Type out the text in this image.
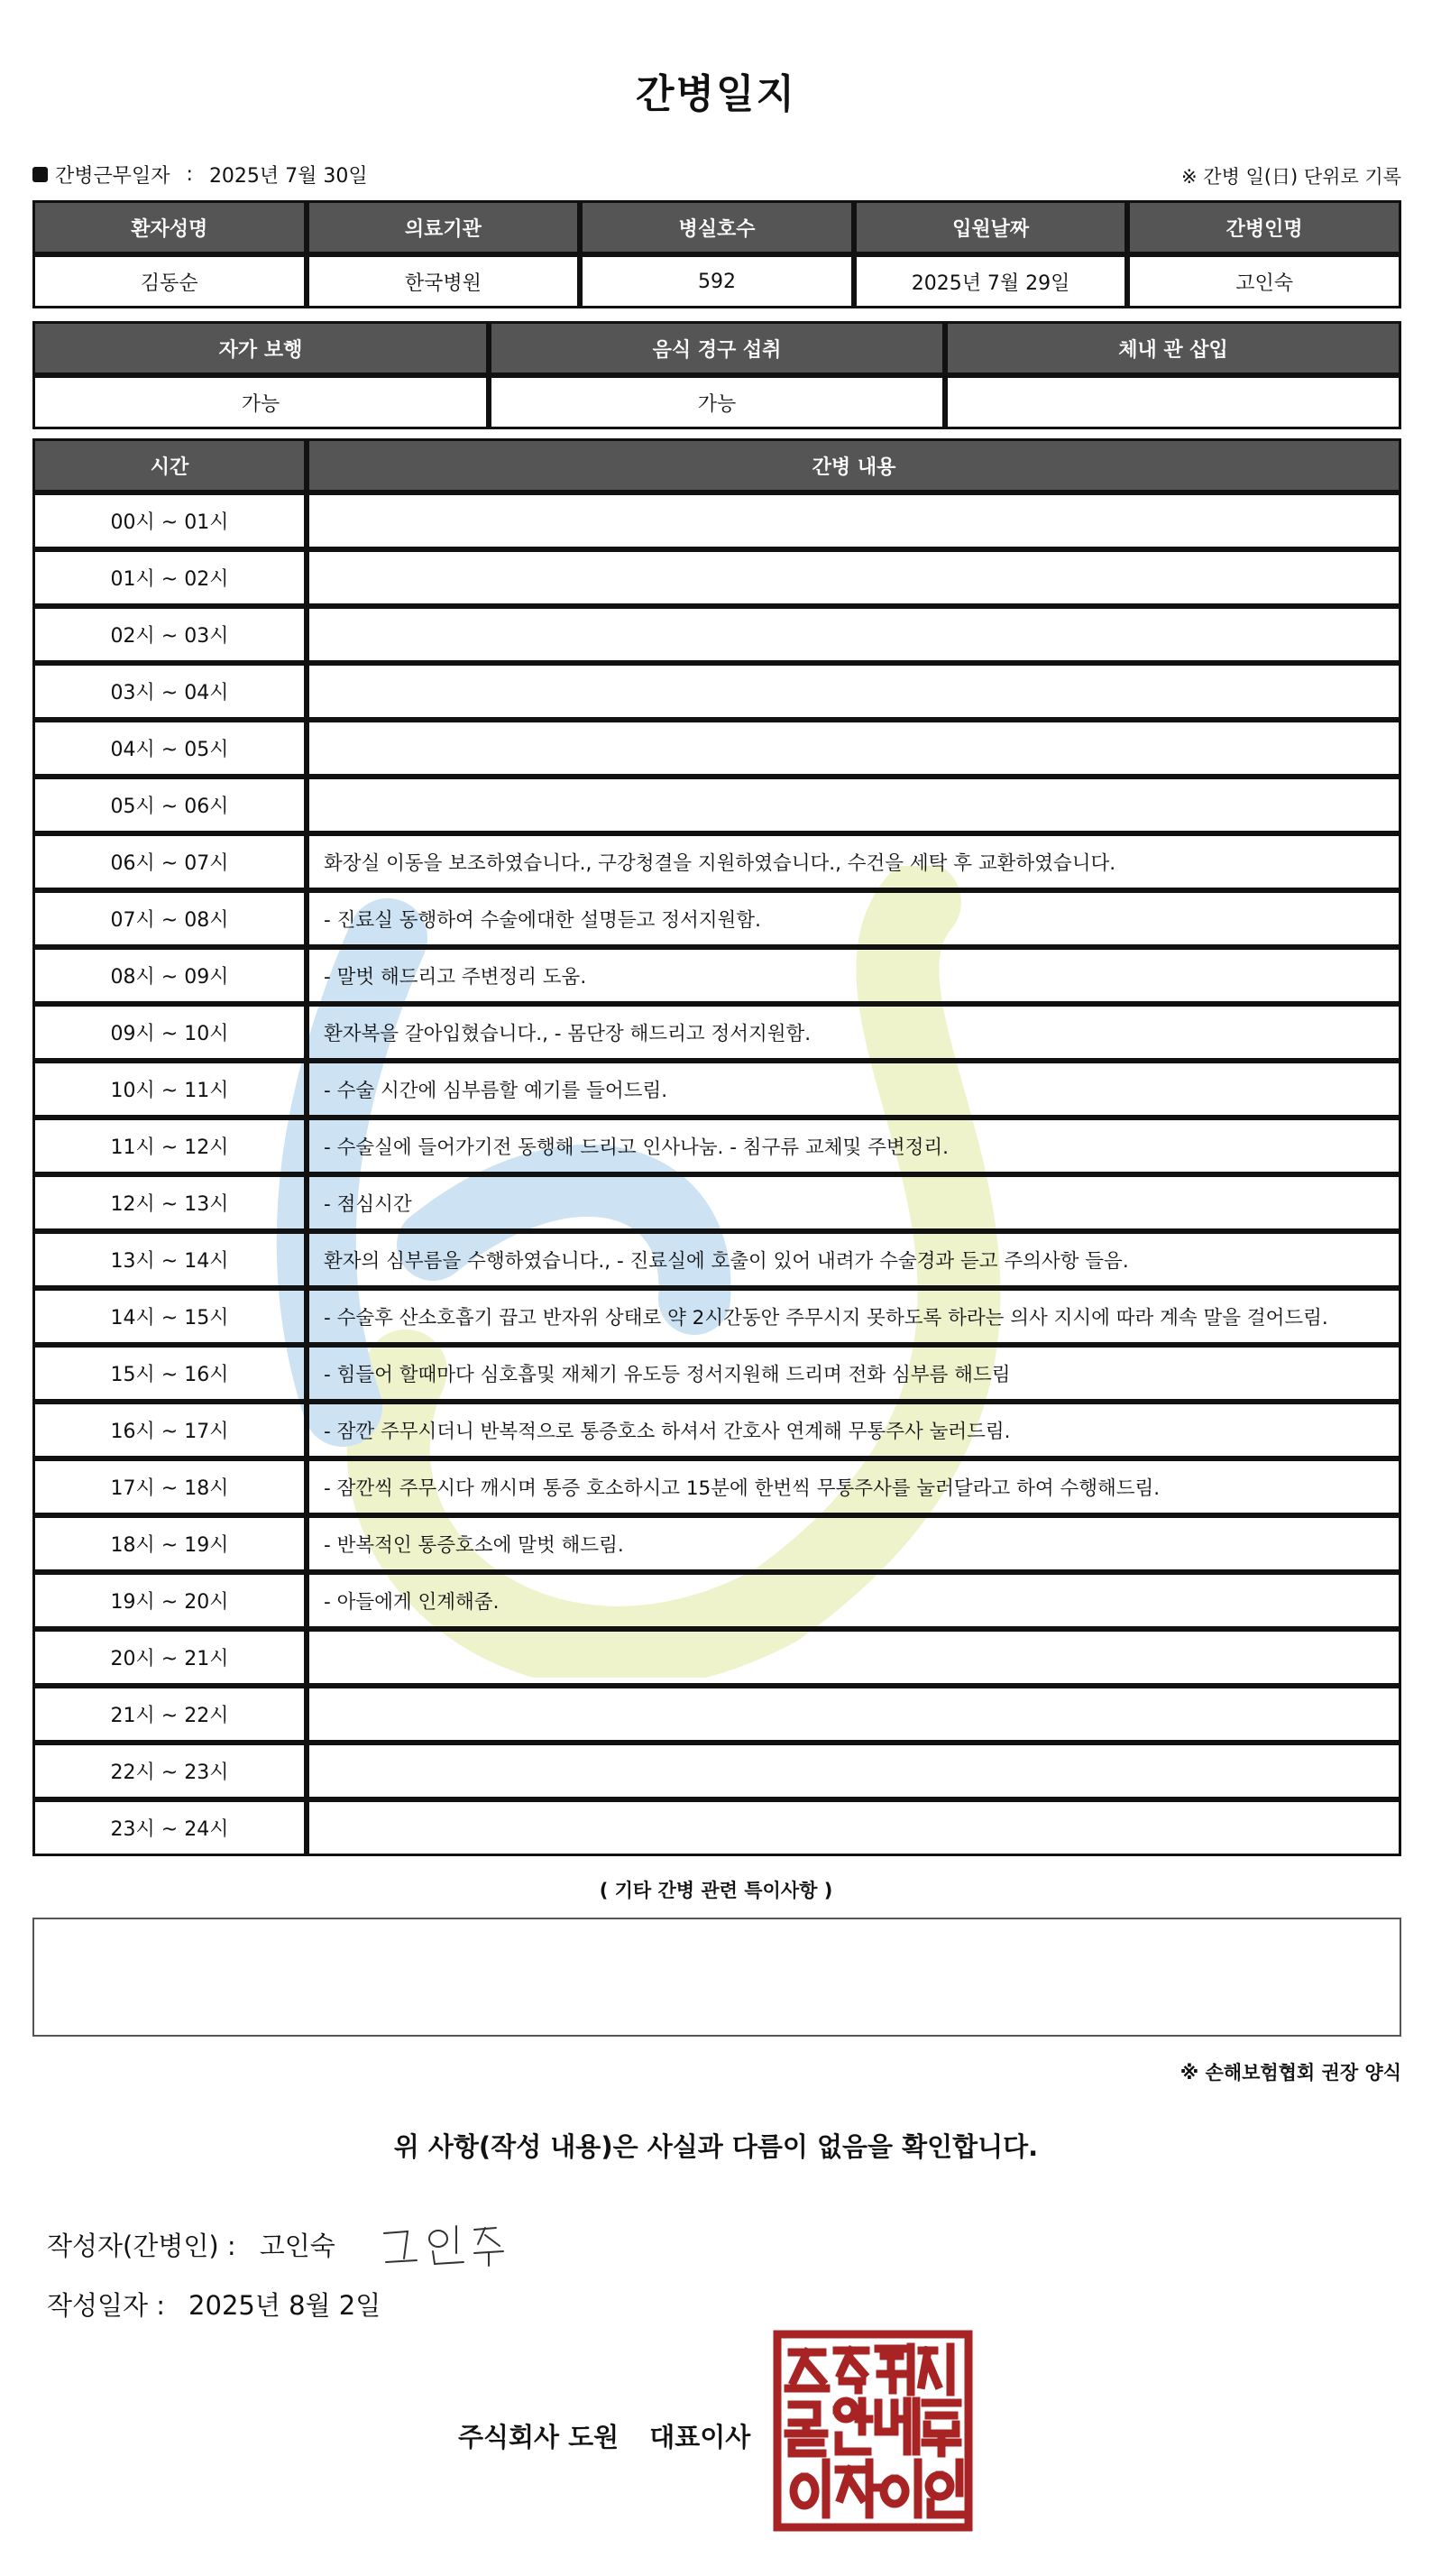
간병일지
간병근무일자 : 2025년 7월 30일	※ 간병 일(日) 단위로 기록
환자성명	의료기관	병실호수	입원날짜	간병인명
김동순	한국병원	592	2025년 7월 29일	고인숙
자가 보행	음식 경구 섭취	체내 관 삽입
가능	가능	
시간	간병 내용
00시 ~ 01시	
01시 ~ 02시	
02시 ~ 03시	
03시 ~ 04시	
04시 ~ 05시	
05시 ~ 06시	
06시 ~ 07시	화장실 이동을 보조하였습니다., 구강청결을 지원하였습니다., 수건을 세탁 후 교환하였습니다.
07시 ~ 08시	- 진료실 동행하여 수술에대한 설명듣고 정서지원함.
08시 ~ 09시	- 말벗 해드리고 주변정리 도움.
09시 ~ 10시	환자복을 갈아입혔습니다., - 몸단장 해드리고 정서지원함.
10시 ~ 11시	- 수술 시간에 심부름할 예기를 들어드림.
11시 ~ 12시	- 수술실에 들어가기전 동행해 드리고 인사나눔. - 침구류 교체및 주변정리.
12시 ~ 13시	- 점심시간
13시 ~ 14시	환자의 심부름을 수행하였습니다., - 진료실에 호출이 있어 내려가 수술경과 듣고 주의사항 들음.
14시 ~ 15시	- 수술후 산소호흡기 끕고 반자위 상태로 약 2시간동안 주무시지 못하도록 하라는 의사 지시에 따라 계속 말을 걸어드림.
15시 ~ 16시	- 힘들어 할때마다 심호흡및 재체기 유도등 정서지원해 드리며 전화 심부름 해드림
16시 ~ 17시	- 잠깐 주무시더니 반복적으로 통증호소 하셔서 간호사 연계해 무통주사 눌러드림.
17시 ~ 18시	- 잠깐씩 주무시다 깨시며 통증 호소하시고 15분에 한번씩 무통주사를 눌러달라고 하여 수행해드림.
18시 ~ 19시	- 반복적인 통증호소에 말벗 해드림.
19시 ~ 20시	- 아들에게 인계해줌.
20시 ~ 21시	
21시 ~ 22시	
22시 ~ 23시	
23시 ~ 24시	
( 기타 간병 관련 특이사항 )
※ 손해보험협회 권장 양식
위 사항(작성 내용)은 사실과 다름이 없음을 확인합니다.
작성자(간병인) : 고인숙
작성일자 : 2025년 8월 2일
주식회사 도원 대표이사
